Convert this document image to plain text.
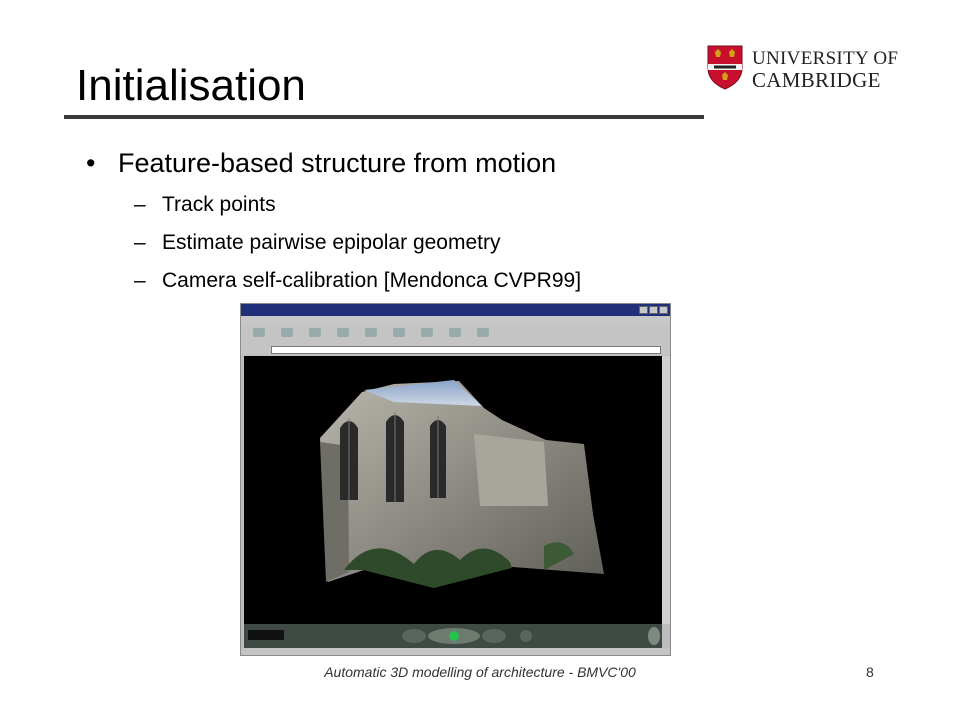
Initialisation
UNIVERSITY OF
CAMBRIDGE
• Feature-based structure from motion
– Track points
– Estimate pairwise epipolar geometry
– Camera self-calibration [Mendonca CVPR99]
Automatic 3D modelling of architecture - BMVC'00	8
